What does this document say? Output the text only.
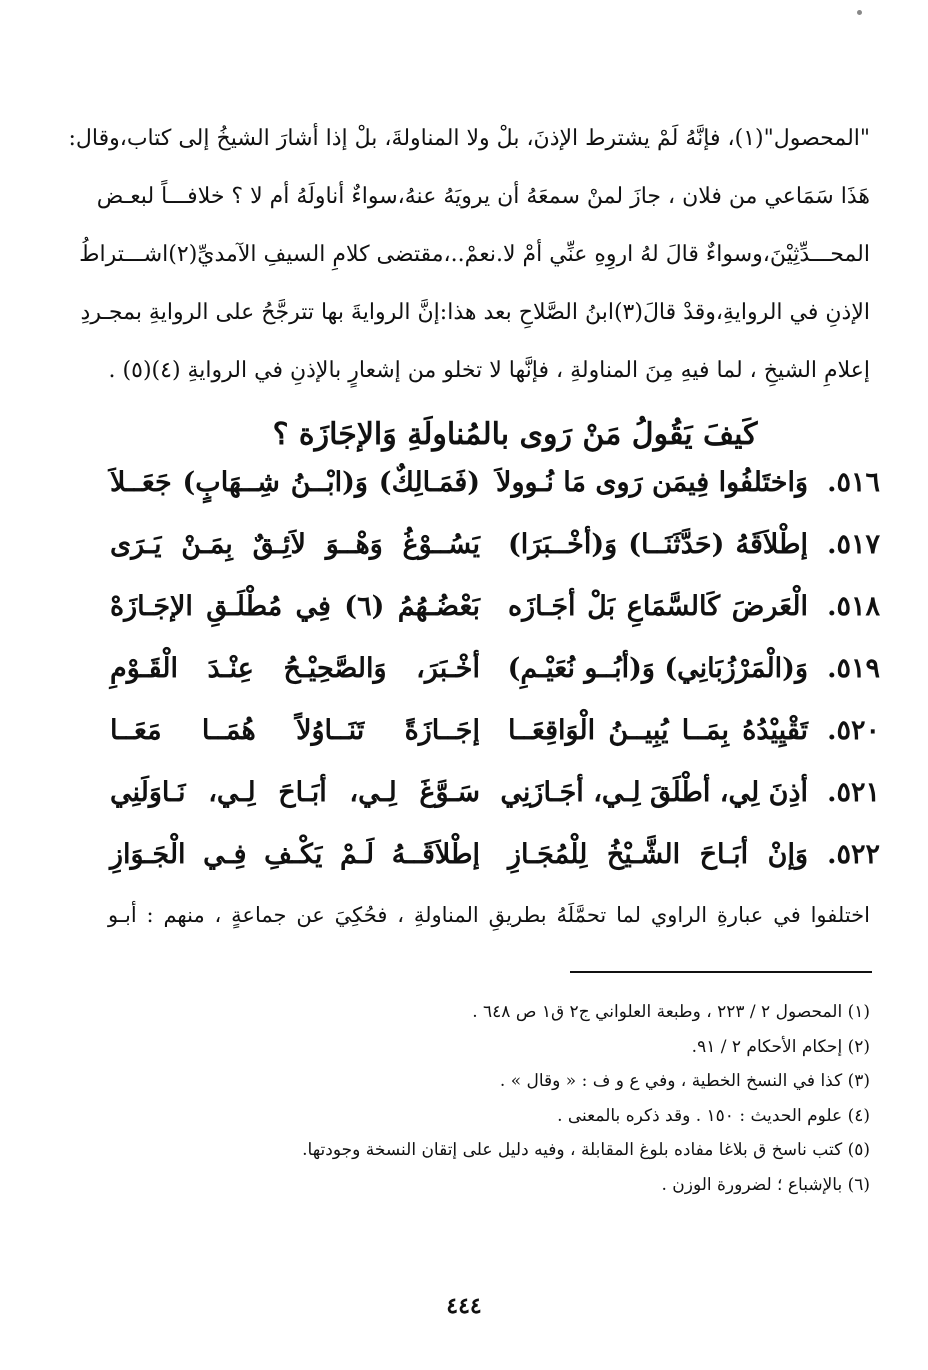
"المحصول"(١)، فإنَّهُ لَمْ يشترط الإذنَ، بلْ ولا المناولةَ، بلْ إذا أشارَ الشيخُ إلى كتاب،وقال:

هَذَا سَمَاعي من فلان ، جازَ لمنْ سمعَهُ أن يرويَهُ عنهُ،سواءٌ أناولَهُ أم لا ؟ خلافـــاً لبعـض

المحـــدِّثِيْنَ،وسواءٌ قالَ لهُ اروِهِ عنِّي أمْ لا.نعمْ..،مقتضى كلامِ السيفِ الآمديِّ(٢)اشـــتراطُ

الإذنِ في الروايةِ،وقدْ قالَ(٣)ابنُ الصَّلاحِ بعد هذا:إنَّ الروايةَ بها تترجَّحُ على الروايةِ بمجـردِ

إعلامِ الشيخِ ، لما فيهِ مِنَ المناولةِ ، فإنَّها لا تخلو من إشعارٍ بالإذنِ في الروايةِ (٤)(٥) .

كَيفَ يَقُولُ مَنْ رَوى بالمُناولَةِ وَالإجَازَة ؟
٥١٦.
وَاختَلفُوا فِيمَن رَوى مَا نُـوولاَ
(فَمَـالِكٌ) وَ(ابْــنُ شِــهَابٍ) جَعَــلاَ
٥١٧.
إطْلاَقَهُ (حَدَّثَنَــا) وَ(أخْــبَرَا)
يَسُــوْغُ وَهْــوَ لاَئِـقٌ بِمَـنْ يَـرَى
٥١٨.
الْعَرضَ كَالسَّمَاعِ بَلْ أجَـازَه
بَعْضُـهُمُ (٦) فِي مُطْلَـقِ الإجَـازَهْ
٥١٩.
وَ(الْمَرْزُبَانِي) وَ(أبُــو نُعَيْـمِ)
أخْـبَرَ، وَالصَّحِيْـحُ عِنْـدَ الْقَـوْمِ
٥٢٠.
تَقْيِيْدُهُ بِمَــا يُبِيــنُ الْوَاقِعَــا
إجَــازَةً تَنَــاوُلاً هُمَــا مَعَــا
٥٢١.
أذِنَ لِي، أطْلَقَ لِـي، أجَـازَنِي
سَـوَّغَ لِـي، أبَـاحَ لِـي، نَـاوَلَنِي
٥٢٢.
وَإنْ أبَـاحَ الشَّـيْخُ لِلْمُجَـازِ
إطْلاَقَــهُ لَـمْ يَكْـفِ فِـي الْجَـوَازِ
اختلفوا في عبارةِ الراوي لما تحمَّلَهُ بطريقِ المناولةِ ، فحُكِيَ عن جماعةٍ ، منهم : أبـو
(١) المحصول ٢ / ٢٢٣ ، وطبعة العلواني ج٢ ق١ ص ٦٤٨ .
(٢) إحكام الأحكام ٢ / ٩١.
(٣) كذا في النسخ الخطية ، وفي ع و ف : « وقال » .
(٤) علوم الحديث : ١٥٠ . وقد ذكره بالمعنى .
(٥) كتب ناسخ ق بلاغا مفاده بلوغ المقابلة ، وفيه دليل على إتقان النسخة وجودتها.
(٦) بالإشباع ؛ لضرورة الوزن .
٤٤٤
